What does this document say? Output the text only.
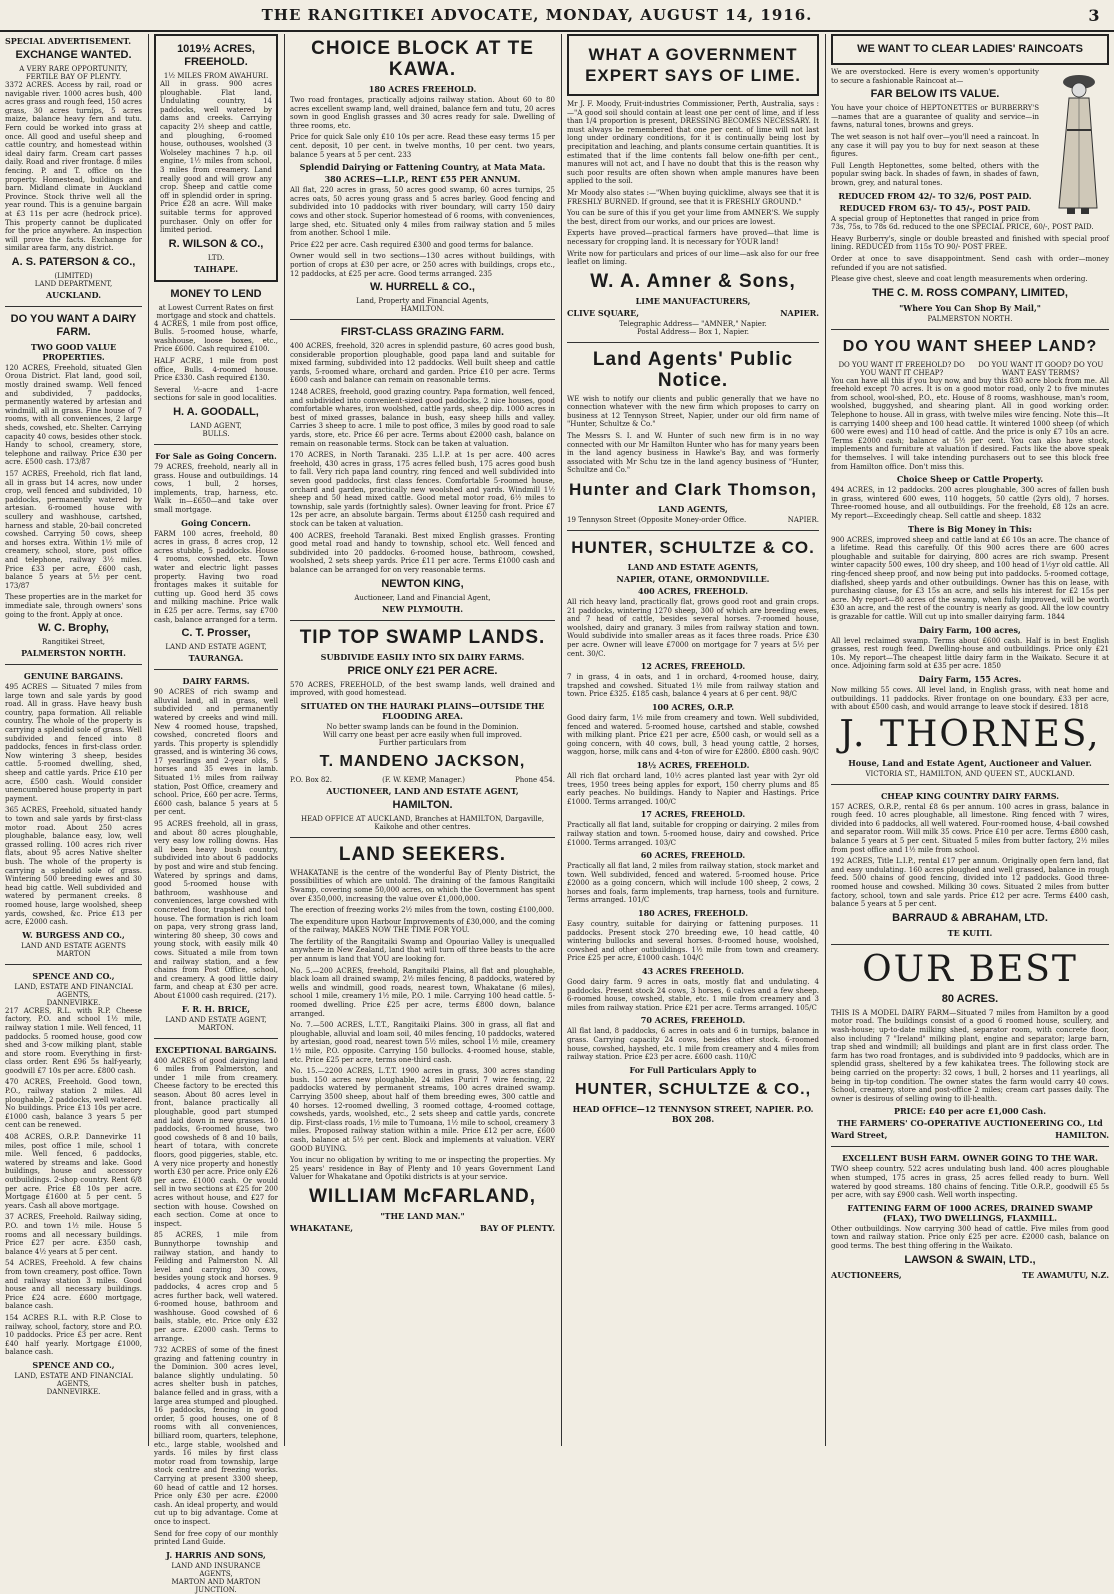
THE RANGITIKEI ADVOCATE, MONDAY, AUGUST 14, 1916.	3
SPECIAL ADVERTISEMENT.
EXCHANGE WANTED.
A VERY RARE OPPORTUNITY,
FERTILE BAY OF PLENTY.

3372 ACRES. Access by rail, road or navigable river. 1000 acres bush, 400 acres grass and rough feed, 150 acres grass, 30 acres turnips, 5 acres maize, balance heavy fern and tutu. Fern could be worked into grass at once. All good and useful sheep and cattle country, and homestead within ideal dairy farm. Cream cart passes daily. Road and river frontage. 8 miles fencing. P. and T. office on the property. Homestead, buildings and barn. Midland climate in Auckland Province. Stock thrive well all the year round. This is a genuine bargain at £3 11s per acre (hedrock price). This property cannot be duplicated for the price anywhere. An inspection will prove the facts. Exchange for similar area farm, any district.

A. S. PATERSON & CO.,
(LIMITED)
LAND DEPARTMENT,
AUCKLAND.
DO YOU WANT A DAIRY FARM.
TWO GOOD VALUE PROPERTIES.

120 ACRES, Freehold, situated Glen Oroua District. Flat land, good soil, mostly drained swamp. Well fenced and subdivided, 7 paddocks, permanently watered by artesian and windmill, all in grass. Fine house of 7 rooms, with all conveniences, 2 large sheds, cowshed, etc. Shelter. Carrying capacity 40 cows, besides other stock. Handy to school, creamery, store, telephone and railway. Price £30 per acre. £500 cash. 173/87

157 ACRES, Freehold, rich flat land, all in grass but 14 acres, now under crop, well fenced and subdivided, 10 paddocks, permanently watered by artesian. 6-roomed house with scullery and washhouse, cartshed, harness and stable, 20-bail concreted cowshed. Carrying 50 cows, sheep and horses extra. Within 1½ mile of creamery, school, store, post office and telephone, railway 3½ miles. Price £33 per acre, £600 cash, balance 5 years at 5½ per cent. 173/87

These properties are in the market for immediate sale, through owners' sons going to the front. Apply at once.

W. C. Brophy,
Rangitikei Street,
PALMERSTON NORTH.
GENUINE BARGAINS.

495 ACRES — Situated 7 miles from large town and sale yards by good road. All in grass. Have heavy bush country, papa formation. All reliable country. The whole of the property is carrying a splendid sole of grass. Well subdivided and fenced into 8 paddocks, fences in first-class order. Now wintering 3 sheep, besides cattle. 5-roomed dwelling, shed, sheep and cattle yards. Price £10 per acre, £500 cash. Would consider unencumbered house property in part payment.

365 ACRES, Freehold, situated handy to town and sale yards by first-class motor road. About 250 acres ploughable, balance easy, low, well grassed rolling. 100 acres rich river flats, about 95 acres Native shelter bush. The whole of the property is carrying a splendid sole of grass. Wintering 500 breeding ewes and 30 head big cattle. Well subdivided and watered by permanent creeks. 8 roomed house, large woolshed, sheep yards, cowshed, &c. Price £13 per acre, £2000 cash.

W. BURGESS AND CO.,
LAND AND ESTATE AGENTS
MARTON
SPENCE AND CO.,
LAND, ESTATE AND FINANCIAL AGENTS,
DANNEVIRKE.

217 ACRES, R.L. with R.P. Cheese factory, P.O. and school 1½ mile, railway station 1 mile. Well fenced, 11 paddocks. 5 roomed house, good cow shed and 3-cow milking plant, stable and store room. Everything in first-class order. Rent £96 5s half-yearly, goodwill £7 10s per acre. £800 cash.

470 ACRES, Freehold. Good town, P.O., railway station 2 miles. All ploughable, 2 paddocks, well watered. No buildings. Price £13 10s per acre. £1000 cash, balance 3 years 5 per cent can be renewed.

408 ACRES, O.R.P. Dannevirke 11 miles, post office 1 mile, school 1 mile. Well fenced, 6 paddocks, watered by streams and lake. Good buildings, house and accessory outbuildings. 2-shop country. Rent 6/8 per acre. Price £8 10s per acre. Mortgage £1600 at 5 per cent. 5 years. Cash all above mortgage.

37 ACRES, Freehold. Railway siding, P.O. and town 1½ mile. House 5 rooms and all necessary buildings. Price £27 per acre. £350 cash, balance 4½ years at 5 per cent.

54 ACRES, Freehold. A few chains from town creamery, post office. Town and railway station 3 miles. Good house and all necessary buildings. Price £24 acre. £600 mortgage, balance cash.

154 ACRES R.L. with R.P. Close to railway, school, factory, store and P.O. 10 paddocks. Price £3 per acre. Rent £40 half yearly. Mortgage £1000, balance cash.

SPENCE AND CO.,
LAND, ESTATE AND FINANCIAL AGENTS,
DANNEVIRKE.
1019½ ACRES, FREEHOLD.
1½ MILES FROM AWAHURI.

All in grass. 900 acres ploughable. Flat land, Undulating country, 14 paddocks, well watered by dams and creeks. Carrying capacity 2½ sheep and cattle, and ploughing, 6-roomed house, outhouses, woolshed (3 Wolseley machines 7 h.p. oil engine, 1½ miles from school, 3 miles from creamery. Land really good and will grow any crop. Sheep and cattle come off in splendid order in spring. Price £28 an acre. Will make suitable terms for approved purchaser. Only on offer for limited period.

R. WILSON & CO.,
LTD.
TAIHAPE.
MONEY TO LEND
at Lowest Current Rates on first mortgage and stock and chattels.

4 ACRES, 1 mile from post office, Bulls. 5-roomed house, wharfe, washhouse, loose boxes, etc., Price £600. Cash required £100.

HALF ACRE, 1 mile from post office, Bulls. 4-roomed house. Price £330. Cash required £130.

Several ½-acre and 1-acre sections for sale in good localities.

H. A. GOODALL,
LAND AGENT,
BULLS.
For Sale as Going Concern.

79 ACRES, freehold, nearly all in grass. House and outbuildings. 14 cows, 1 bull, 2 horses, implements, trap, harness, etc. Walk in—£650—and take over small mortgage.

Going Concern.

FARM 100 acres, freehold, 80 acres in grass, 8 acres crop, 12 acres stubble, 5 paddocks. House 4 rooms, cowshed, etc. Town water and electric light passes property. Having two road frontages makes it suitable for cutting up. Good herd 35 cows and milking machine. Price walk in £25 per acre. Terms, say £700 cash, balance arranged for a term.

C. T. Prosser,
LAND AND ESTATE AGENT,
TAURANGA.
DAIRY FARMS.

90 ACRES of rich swamp and alluvial land, all in grass, well subdivided and permanently watered by creeks and wind mill. New 4 roomed house, trapshed, cowshed, concreted floors and yards. This property is splendidly grassed, and is wintering 36 cows, 17 yearlings and 2-year olds, 5 horses and 35 ewes in lamb. Situated 1½ miles from railway station, Post Office, creamery and school. Price, £60 per acre. Terms, £600 cash, balance 5 years at 5 per cent.

95 ACRES freehold, all in grass, and about 80 acres ploughable, very easy low rolling downs. Has all been heavy bush country, subdivided into about 6 paddocks by post and wire and stub fencing. Watered by springs and dams, good 5-roomed house with bathroom, washhouse and conveniences, large cowshed with concreted floor, trapshed and tool house. The formation is rich loam on papa, very strong grass land, wintering 80 sheep, 30 cows and young stock, with easily milk 40 cows. Situated a mile from town and railway station, and a few chains from Post Office, school, and creamery. A good little dairy farm, and cheap at £30 per acre. About £1000 cash required. (217).

F. R. H. BRICE,
LAND AND ESTATE AGENT,
MARTON.
EXCEPTIONAL BARGAINS.

400 ACRES of good dairying land 6 miles from Palmerston, and under 1 mile from creamery. Cheese factory to be erected this season. About 80 acres level in front, balance practically all ploughable, good part stumped and laid down in new grasses. 10 paddocks, 6-roomed house, two good cowsheds of 8 and 10 bails, heart of totara, with concrete floors, good piggeries, stable, etc. A very nice property and honestly worth £30 per acre. Price only £26 per acre. £1000 cash. Or would sell in two sections at £25 for 200 acres without house, and £27 for section with house. Cowshed on each section. Come at once to inspect.

85 ACRES, 1 mile from Bunnythorpe township and railway station, and handy to Feilding and Palmerston N. All level and carrying 30 cows, besides young stock and horses. 9 paddocks, 4 acres crop and 5 acres further back, well watered. 6-roomed house, bathroom and washhouse. Good cowshed of 6 bails, stable, etc. Price only £32 per acre. £2000 cash. Terms to arrange.

732 ACRES of some of the finest grazing and fattening country in the Dominion. 300 acres level, balance slightly undulating. 50 acres shelter bush in patches, balance felled and in grass, with a large area stumped and ploughed. 16 paddocks, fencing in good order, 5 good houses, one of 8 rooms with all conveniences, billiard room, quarters, telephone, etc., large stable, woolshed and yards. 16 miles by first class motor road from township, large stock centre and freezing works. Carrying at present 3300 sheep, 60 head of cattle and 12 horses. Price only £30 per acre. £2000 cash. An ideal property, and would cut up to big advantage. Come at once to inspect.

Send for free copy of our monthly printed Land Guide.

J. HARRIS AND SONS,
LAND AND INSURANCE AGENTS,
MARTON AND MARTON JUNCTION.
CHOICE BLOCK AT TE KAWA.
180 ACRES FREEHOLD.

Two road frontages, practically adjoins railway station. About 60 to 80 acres excellent swamp land, well drained, balance fern and tutu, 20 acres sown in good English grasses and 30 acres ready for sale. Dwelling of three rooms, etc.

Price for quick Sale only £10 10s per acre. Read these easy terms 15 per cent. deposit, 10 per cent. in twelve months, 10 per cent. two years, balance 5 years at 5 per cent. 233

Splendid Dairying or Fattening Country, at Mata Mata.
380 ACRES—L.I.P., RENT £55 PER ANNUM.

All flat, 220 acres in grass, 50 acres good swamp, 60 acres turnips, 25 acres oats, 50 acres young grass and 5 acres barley. Good fencing and subdivided into 10 paddocks with river boundary, will carry 150 dairy cows and other stock. Superior homestead of 6 rooms, with conveniences, large shed, etc. Situated only 4 miles from railway station and 5 miles from another. School 1 mile.

Price £22 per acre. Cash required £300 and good terms for balance.

Owner would sell in two sections—130 acres without buildings, with portion of crops at £30 per acre, or 250 acres with buildings, crops etc., 12 paddocks, at £25 per acre. Good terms arranged. 235

W. HURRELL & CO.,
Land, Property and Financial Agents,
HAMILTON.
FIRST-CLASS GRAZING FARM.

400 ACRES, freehold, 320 acres in splendid pasture, 60 acres good bush, considerable proportion ploughable, good papa land and suitable for mixed farming, subdivided into 12 paddocks. Well built sheep and cattle yards, 5-roomed whare, orchard and garden. Price £10 per acre. Terms £600 cash and balance can remain on reasonable terms.

1248 ACRES, freehold, good grazing country. Papa formation, well fenced, and subdivided into convenient-sized good paddocks, 2 nice houses, good comfortable whares, iron woolshed, cattle yards, sheep dip. 1000 acres in best of mixed grasses, balance in bush, easy sheep hills and valley. Carries 3 sheep to acre. 1 mile to post office, 3 miles by good road to sale yards, store, etc. Price £6 per acre. Terms about £2000 cash, balance on remain on reasonable terms. Stock can be taken at valuation.

170 ACRES, in North Taranaki. 235 L.I.P. at 1s per acre. 400 acres freehold, 430 acres in grass, 175 acres felled bush, 175 acres good bush to fall. Very rich papa land country, ring fenced and well subdivided into seven good paddocks, first class fences. Comfortable 5-roomed house, orchard and garden, practically new woolshed and yards. Windmill 1½ sheep and 50 head mixed cattle. Good metal motor road, 6½ miles to township, sale yards (fortnightly sales). Owner leaving for front. Price £7 12s per acre, an absolute bargain. Terms about £1250 cash required and stock can be taken at valuation.

400 ACRES, freehold Taranaki. Best mixed English grasses. Fronting good metal road and handy to township, school etc. Well fenced and subdivided into 20 paddocks. 6-roomed house, bathroom, cowshed, woolshed, 2 sets sheep yards. Price £11 per acre. Terms £1000 cash and balance can be arranged for on very reasonable terms.

NEWTON KING,
Auctioneer, Land and Financial Agent,
NEW PLYMOUTH.
TIP TOP SWAMP LANDS.
SUBDIVIDE EASILY INTO SIX DAIRY FARMS.
PRICE ONLY £21 PER ACRE.

570 ACRES, FREEHOLD, of the best swamp lands, well drained and improved, with good homestead.

SITUATED ON THE HAURAKI PLAINS—OUTSIDE THE FLOODING AREA.
No better swamp lands can be found in the Dominion.
Will carry one beast per acre easily when full improved.
Further particulars from
T. MANDENO JACKSON,
P.O. Box 82.	(F. W. KEMP, Manager.)	Phone 454.
AUCTIONEER, LAND AND ESTATE AGENT,
HAMILTON.
HEAD OFFICE AT AUCKLAND, Branches at HAMILTON, Dargaville, Kaikohe and other centres.
LAND SEEKERS.

WHAKATANE is the centre of the wonderful Bay of Plenty District, the possibilities of which are untold. The draining of the famous Rangitaiki Swamp, covering some 50,000 acres, on which the Government has spent over £350,000, increasing the value over £1,000,000.

The erection of freezing works 2½ miles from the town, costing £100,000.

The expenditure upon Harbour Improvements of £30,000, and the coming of the railway, MAKES NOW THE TIME FOR YOU.

The fertility of the Rangitaiki Swamp and Opouriao Valley is unequalled anywhere in New Zealand, land that will turn off three beasts to the acre per annum is land that YOU are looking for.

No. 5.—200 ACRES, freehold, Rangitaiki Plains, all flat and ploughable, black loam all drained swamp, 2½ miles fencing, 8 paddocks, watered by wells and windmill, good roads, nearest town, Whakatane (6 miles), school 1 mile, creamery 1½ mile, P.O. 1 mile. Carrying 100 head cattle. 5-roomed dwelling. Price £25 per acre, terms £800 down, balance arranged.

No. 7.—500 ACRES, L.T.T., Rangitaiki Plains. 300 in grass, all flat and ploughable, alluvial and loam soil, 40 miles fencing, 10 paddocks, watered by artesian, good road, nearest town 5½ miles, school 1½ mile, creamery 1½ mile, P.O. opposite. Carrying 150 bullocks. 4-roomed house, stable, etc. Price £25 per acre, terms one-third cash.

No. 15.—2200 ACRES, L.T.T. 1900 acres in grass, 300 acres standing bush. 150 acres new ploughable, 24 miles Puriri 7 wire fencing, 22 paddocks watered by permanent streams, 100 acres drained swamp. Carrying 3500 sheep, about half of them breeding ewes, 300 cattle and 40 horses. 12-roomed dwelling, 3 roomed cottage, 4-roomed cottage, cowsheds, yards, woolshed, etc., 2 sets sheep and cattle yards, concrete dip. First-class roads, 1½ mile to Tumoana, 1½ mile to school, creamery 3 miles. Proposed railway station within a mile. Price £12 per acre, £600 cash, balance at 5½ per cent. Block and implements at valuation. VERY GOOD BUYING.

You incur no obligation by writing to me or inspecting the properties. My 25 years' residence in Bay of Plenty and 10 years Government Land Valuer for Whakatane and Opotiki districts is at your service.

WILLIAM McFARLAND,
"THE LAND MAN."
WHAKATANE,	BAY OF PLENTY.
WHAT A GOVERNMENT EXPERT SAYS OF LIME.

Mr J. F. Moody, Fruit-industries Commissioner, Perth, Australia, says :—"A good soil should contain at least one per cent of lime, and if less than 1/4 proportion is present, DRESSING BECOMES NECESSARY. It must always be remembered that one per cent. of lime will not last long under ordinary conditions, for it is continually being lost by precipitation and leaching, and plants consume certain quantities. It is estimated that if the lime contents fall below one-fifth per cent., manures will not act, and I have no doubt that this is the reason why such poor results are often shown when ample manures have been applied to the soil.

Mr Moody also states :—"When buying quicklime, always see that it is FRESHLY BURNED. If ground, see that it is FRESHLY GROUND."

You can be sure of this if you get your lime from AMNER'S. We supply the best, direct from our works, and our prices are lowest.

Experts have proved—practical farmers have proved—that lime is necessary for cropping land. It is necessary for YOUR land!

Write now for particulars and prices of our lime—ask also for our free leaflet on liming.

W. A. Amner & Sons,
LIME MANUFACTURERS,
CLIVE SQUARE,	NAPIER.
Telegraphic Address— "AMNER," Napier.
Postal Address— Box 1, Napier.
Land Agents' Public Notice.

WE wish to notify our clients and public generally that we have no connection whatever with the new firm which proposes to carry on business at 12 Tennyson Street, Napier, under our old firm name of "Hunter, Schultze & Co."

The Messrs S. I. and W. Hunter of such new firm is in no way connected with our Mr Hamilton Hunter who has for many years been in the land agency business in Hawke's Bay, and was formerly associated with Mr Schu tze in the land agency business of "Hunter, Schultze and Co."

Hunter and Clark Thomson,
LAND AGENTS,
19 Tennyson Street (Opposite Money-order Office.	NAPIER.
HUNTER, SCHULTZE & CO.
LAND AND ESTATE AGENTS,
NAPIER, OTANE, ORMONDVILLE.
400 ACRES, FREEHOLD.

All rich heavy land, practically flat, grows good root and grain crops. 21 paddocks, wintering 1270 sheep, 300 of which are breeding ewes, and 7 head of cattle, besides several horses. 7-roomed house, woolshed, dairy and granary. 3 miles from railway station and town. Would subdivide into smaller areas as it faces three roads. Price £30 per acre. Owner will leave £7000 on mortgage for 7 years at 5½ per cent. 30/C.

12 ACRES, FREEHOLD.

7 in grass, 4 in oats, and 1 in orchard, 4-roomed house, dairy, trapshed and cowshed. Situated 1½ mile from railway station and town. Price £325. £185 cash, balance 4 years at 6 per cent. 98/C

100 ACRES, O.R.P.

Good dairy farm, 1½ mile from creamery and town. Well subdivided, fenced and watered. 5-roomed house, cartshed and stable, cowshed with milking plant. Price £21 per acre, £500 cash, or would sell as a going concern, with 40 cows, bull, 3 head young cattle, 2 horses, waggon, horse, milk cans and 4-ton of wire for £2800. £800 cash. 90/C

18½ ACRES, FREEHOLD.

All rich flat orchard land, 10½ acres planted last year with 2yr old trees, 1950 trees being apples for export, 150 cherry plums and 85 early peaches. No buildings. Handy to Napier and Hastings. Price £1000. Terms arranged. 100/C

17 ACRES, FREEHOLD.

Practically all flat land, suitable for cropping or dairying. 2 miles from railway station and town. 5-roomed house, dairy and cowshed. Price £1000. Terms arranged. 103/C

60 ACRES, FREEHOLD.

Practically all flat land, 2 miles from railway station, stock market and town. Well subdivided, fenced and watered. 5-roomed house. Price £2000 as a going concern, which will include 100 sheep, 2 cows, 2 horses and foals, farm implements, trap harness, tools and furniture. Terms arranged. 101/C

180 ACRES, FREEHOLD.

Easy country, suitable for dairying or fattening purposes. 11 paddocks. Present stock 270 breeding ewe, 10 head cattle, 40 wintering bullocks and several horses. 8-roomed house, woolshed, cowshed and other outbuildings. 1½ mile from town and creamery. Price £25 per acre, £1000 cash. 104/C

43 ACRES FREEHOLD.

Good dairy farm. 9 acres in oats, mostly flat and undulating. 4 paddocks. Present stock 24 cows, 3 horses, 6 calves and a few sheep. 6-roomed house, cowshed, stable, etc. 1 mile from creamery and 3 miles from railway station. Price £21 per acre. Terms arranged. 105/C

70 ACRES, FREEHOLD.

All flat land, 8 paddocks, 6 acres in oats and 6 in turnips, balance in grass. Carrying capacity 24 cows, besides other stock. 6-roomed house, cowshed, hayshed, etc. 1 mile from creamery and 4 miles from railway station. Price £23 per acre. £600 cash. 110/C

For Full Particulars Apply to
HUNTER, SCHULTZE & CO.,
HEAD OFFICE—12 TENNYSON STREET, NAPIER. P.O. BOX 208.
WE WANT TO CLEAR LADIES' RAINCOATS

We are overstocked. Here is every women's opportunity to secure a fashionable Raincoat at—

FAR BELOW ITS VALUE.

You have your choice of HEPTONETTES or BURBERRY'S—names that are a guarantee of quality and service—in fawns, natural tones, browns and greys.

The wet season is not half over—you'll need a raincoat. In any case it will pay you to buy for next season at these figures.

Full Length Heptonettes, some belted, others with the popular swing back. In shades of fawn, in shades of fawn, brown, grey, and natural tones.

REDUCED FROM 42/- TO 32/6, POST PAID.
REDUCED FROM 63/- TO 45/-, POST PAID.

A special group of Heptonettes that ranged in price from 73s, 75s, to 78s 6d. reduced to the one SPECIAL PRICE, 60/-, POST PAID.

Heavy Burberry's, single or double breasted and finished with special proof lining. REDUCED from 115s TO 90/- POST FREE.

Order at once to save disappointment. Send cash with order—money refunded if you are not satisfied.

Please give chest, sleeve and coat length measurements when ordering.

THE C. M. ROSS COMPANY, LIMITED,
"Where You Can Shop By Mail,"
PALMERSTON NORTH.
DO YOU WANT SHEEP LAND?
DO YOU WANT IT FREEHOLD? DO YOU WANT IT CHEAP?
DO YOU WANT IT GOOD? DO YOU WANT EASY TERMS?

You can have all this if you buy now, and buy this 830 acre block from me. All freehold except 70 acres. It is on a good motor road, only 2 to five minutes from school, wool-shed, P.O., etc. House of 8 rooms, washhouse, man's room, woolshed, buggyshed, and shearing plant. All in good working order. Telephone to house. All in grass, with twelve miles wire fencing. Note this—It is carrying 1400 sheep and 100 head cattle. It wintered 1000 sheep (of which 600 were ewes) and 110 head of cattle. And the price is only £7 10s an acre. Terms £2000 cash; balance at 5½ per cent. You can also have stock, implements and furniture at valuation if desired. Facts like the above speak for themselves. I will take intending purchasers out to see this block free from Hamilton office. Don't miss this.

Choice Sheep or Cattle Property.

494 ACRES, in 12 paddocks. 200 acres ploughable, 300 acres of fallen bush in grass, wintered 600 ewes, 110 hoggets, 50 cattle (2yrs old), 7 horses. Three-roomed house, and all outbuildings. For the freehold, £8 12s an acre. My report—Exceedingly cheap. Sell cattle and sheep. 1832

There is Big Money in This:

900 ACRES, improved sheep and cattle land at £6 10s an acre. The chance of a lifetime. Read this carefully. Of this 900 acres there are 600 acres ploughable and suitable for dairying, 800 acres are rich swamp. Present winter capacity 500 ewes, 100 dry sheep, and 100 head of 1½yr old cattle. All ring-fenced sheep proof, and now being put into paddocks. 5-roomed cottage, diaflshed, sheep yards and other outbuildings. Owner has this on lease, with purchasing clause, for £3 15s an acre, and sells his interest for £2 15s per acre. My report—80 acres of the swamp, when fully improved, will be worth £30 an acre, and the rest of the country is nearly as good. All the low country is grazable for cattle. Will cut up into smaller dairying farm. 1844

Dairy Farm, 100 acres,

All level reclaimed swamp. Terms about £600 cash. Half is in best English grasses, rest rough feed. Dwelling-house and outbuildings. Price only £21 10s. My report—The cheapest little dairy farm in the Waikato. Secure it at once. Adjoining farm sold at £35 per acre. 1850

Dairy Farm, 155 Acres.

Now milking 55 cows. All level land, in English grass, with neat home and outbuildings. 11 paddocks. River frontage on one boundary. £33 per acre, with about £500 cash, and would arrange to leave stock if desired. 1818

J. THORNES,
House, Land and Estate Agent, Auctioneer and Valuer.
VICTORIA ST., HAMILTON, AND QUEEN ST., AUCKLAND.
CHEAP KING COUNTRY DAIRY FARMS.

157 ACRES, O.R.P., rental £8 6s per annum. 100 acres in grass, balance in rough feed. 10 acres ploughable, all limestone. Ring fenced with 7 wires, divided into 6 paddocks, all well watered. Four-roomed house, 4-bail cowshed and separator room. Will milk 35 cows. Price £10 per acre. Terms £800 cash, balance 5 years at 5 per cent. Situated 5 miles from butter factory, 2½ miles from post office and 1½ mile from school.

192 ACRES, Title L.I.P., rental £17 per annum. Originally open fern land, flat and easy undulating. 160 acres ploughed and well grassed, balance in rough feed. 500 chains of good fencing, divided into 12 paddocks. Good three-roomed house and cowshed. Milking 30 cows. Situated 2 miles from butter factory, school, town and sale yards. Price £12 per acre. Terms £400 cash, balance 5 years at 5 per cent.

BARRAUD & ABRAHAM, LTD.
TE KUITI.
OUR BEST
80 ACRES.

THIS IS A MODEL DAIRY FARM—Situated 7 miles from Hamilton by a good motor road. The buildings consist of a good 6 roomed house, scullery, and wash-house; up-to-date milking shed, separator room, with concrete floor, also including 7 "Ireland" milking plant, engine and separator; large barn, trap shed and windmill; all buildings and plant are in first class order. The farm has two road frontages, and is subdivided into 9 paddocks, which are in splendid grass, sheltered by a few kahikatea trees. The following stock are being carried on the property: 32 cows, 1 bull, 2 horses and 11 yearlings, all being in tip-top condition. The owner states the farm would carry 40 cows. School, creamery, store and post-office 2 miles; cream cart passes daily. The owner is desirous of selling owing to ill-health.

PRICE: £40 per acre £1,000 Cash.
THE FARMERS' CO-OPERATIVE AUCTIONEERING CO., Ltd
Ward Street,	HAMILTON.
EXCELLENT BUSH FARM. OWNER GOING TO THE WAR.

TWO sheep country. 522 acres undulating bush land. 400 acres ploughable when stumped, 175 acres in grass, 25 acres felled ready to burn. Well watered by good streams. 180 chains of fencing. Title O.R.P., goodwill £5 5s per acre, with say £900 cash. Well worth inspecting.

FATTENING FARM OF 1000 ACRES, DRAINED SWAMP (FLAX), TWO DWELLINGS, FLAXMILL.

Other outbuildings. Now carrying 300 head of cattle. Five miles from good town and railway station. Price only £25 per acre. £2000 cash, balance on good terms. The best thing offering in the Waikato.

LAWSON & SWAIN, LTD.,
AUCTIONEERS,	TE AWAMUTU, N.Z.
